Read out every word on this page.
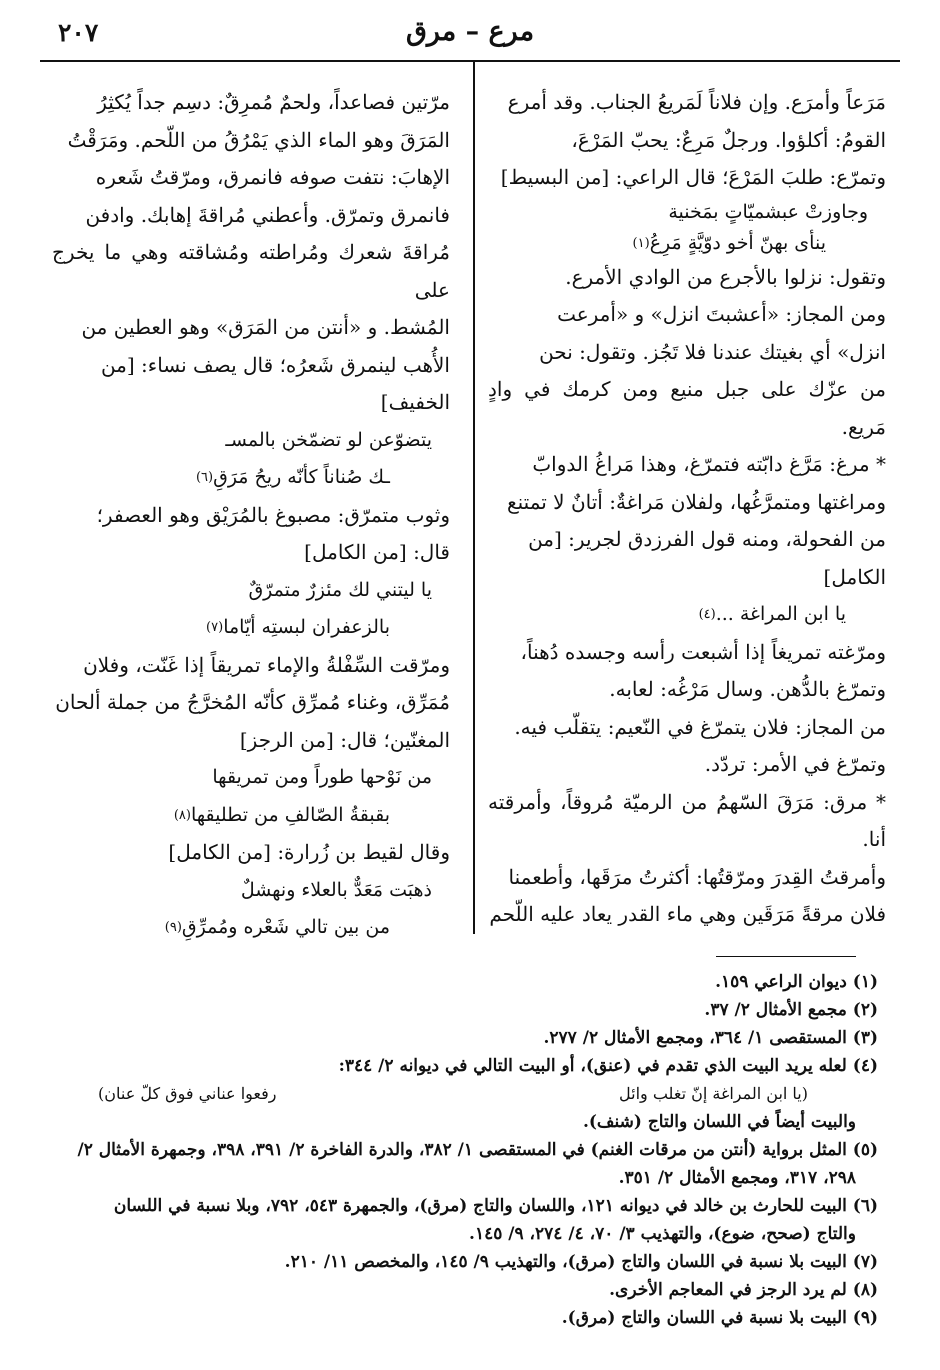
٢٠٧	مرع – مرق

مَرَعاً وأمرَع. وإن فلاناً لَمَريعُ الجناب. وقد أمرع

القومُ: أكلؤوا. ورجلٌ مَرِعٌ: يحبّ المَرْعَ،

وتمرّع: طلبَ المَرْعَ؛ قال الراعي: [من البسيط]

وجاوزتْ عبشميّاتٍ بمَخنية
ينأى بهنّ أخو دوّيَّةٍ مَرِعُ
(١)

وتقول: نزلوا بالأجرع من الوادي الأمرع.

ومن المجاز: «أعشبتَ انزل» و «أمرعت

انزل» أي بغيتك عندنا فلا تَجُز. وتقول: نحن

من عزّك على جبل منيع ومن كرمك في وادٍ مَريع.

* مرغ: مَرَّغ دابّته فتمرّغ، وهذا مَراغُ الدوابّ

ومراغتها ومتمرَّغُها، ولفلان مَراغةٌ: أتانٌ لا تمتنع

من الفحولة، ومنه قول الفرزدق لجرير: [من

الكامل]

يا ابن المراغة ...
(٤)

ومرّغته تمريغاً إذا أشبعت رأسه وجسده دُهناً،

وتمرّغ بالدُّهن. وسال مَرْغُه: لعابه.

من المجاز: فلان يتمرّغ في النّعيم: يتقلّب فيه.

وتمرّغ في الأمر: تردّد.

* مرق: مَرَقَ السّهمُ من الرميّة مُروقاً، وأمرقته أنا.

وأمرقتُ القِدرَ ومرّقتُها: أكثرتُ مرَقَها، وأطعمنا

فلان مرقةً مَرَقَين وهي ماء القدر يعاد عليه اللّحم

مرّتين فصاعداً، ولحمٌ مُمرِقٌ: دسِم جداً يُكثِرُ

المَرَقَ وهو الماء الذي يَمْرُقُ من اللّحم. ومَرَقْتُ

الإهابَ: نتفت صوفه فانمرق، ومرّقتُ شَعره

فانمرق وتمرّق. وأعطني مُراقةَ إهابك. وادفن

مُراقةَ شعرك ومُراطته ومُشاقته وهي ما يخرج على

المُشط. و «أنتن من المَرَق» وهو العطين من

الأُهب لينمرق شَعرُه؛ قال يصف نساء: [من

الخفيف]

يتضوّعن لو تضمّخن بالمسـ
ـك صُناناً كأنّه ريحُ مَرَقِ
(٦)

وثوب متمرّق: مصبوغ بالمُرَيْق وهو العصفر؛

قال: [من الكامل]

يا ليتني لك مئزرٌ متمرّقٌ
بالزعفران لبستِه أيّاما
(٧)

ومرّقت السِّفْلةُ والإماء تمريقاً إذا غَنّت، وفلان

مُمَرِّق، وغناء مُمرِّق كأنّه المُخرَّجُ من جملة ألحان

المغنّين؛ قال: [من الرجز]

من نَوْحها طوراً ومن تمريقها
بقبقةُ الصّالفِ من تطليقها
(٨)

وقال لقيط بن زُرارة: [من الكامل]

ذهبَت مَعَدٌّ بالعلاء ونهشلٌ
من بين تالي شَعْره ومُمرِّقِ
(٩)

(١) ديوان الراعي ١٥٩.

(٢) مجمع الأمثال ٢/ ٣٧.

(٣) المستقصى ١/ ٣٦٤، ومجمع الأمثال ٢/ ٢٧٧.

(٤) لعله يريد البيت الذي تقدم في (عنق)، أو البيت التالي في ديوانه ٢/ ٣٤٤:

(يا ابن المراغة إنّ تغلب وائل
رفعوا عناني فوق كلّ عنان)

والبيت أيضاً في اللسان والتاج (شنف).

(٥) المثل برواية (أنتن من مرقات الغنم) في المستقصى ١/ ٣٨٢، والدرة الفاخرة ٢/ ٣٩١، ٣٩٨، وجمهرة الأمثال ٢/

٢٩٨، ٣١٧، ومجمع الأمثال ٢/ ٣٥١.

(٦) البيت للحارث بن خالد في ديوانه ١٢١، واللسان والتاج (مرق)، والجمهرة ٥٤٣، ٧٩٢، وبلا نسبة في اللسان

والتاج (صحح، ضوع)، والتهذيب ٣/ ٧٠، ٤/ ٢٧٤، ٩/ ١٤٥.

(٧) البيت بلا نسبة في اللسان والتاج (مرق)، والتهذيب ٩/ ١٤٥، والمخصص ١١/ ٢١٠.

(٨) لم يرد الرجز في المعاجم الأخرى.

(٩) البيت بلا نسبة في اللسان والتاج (مرق).
